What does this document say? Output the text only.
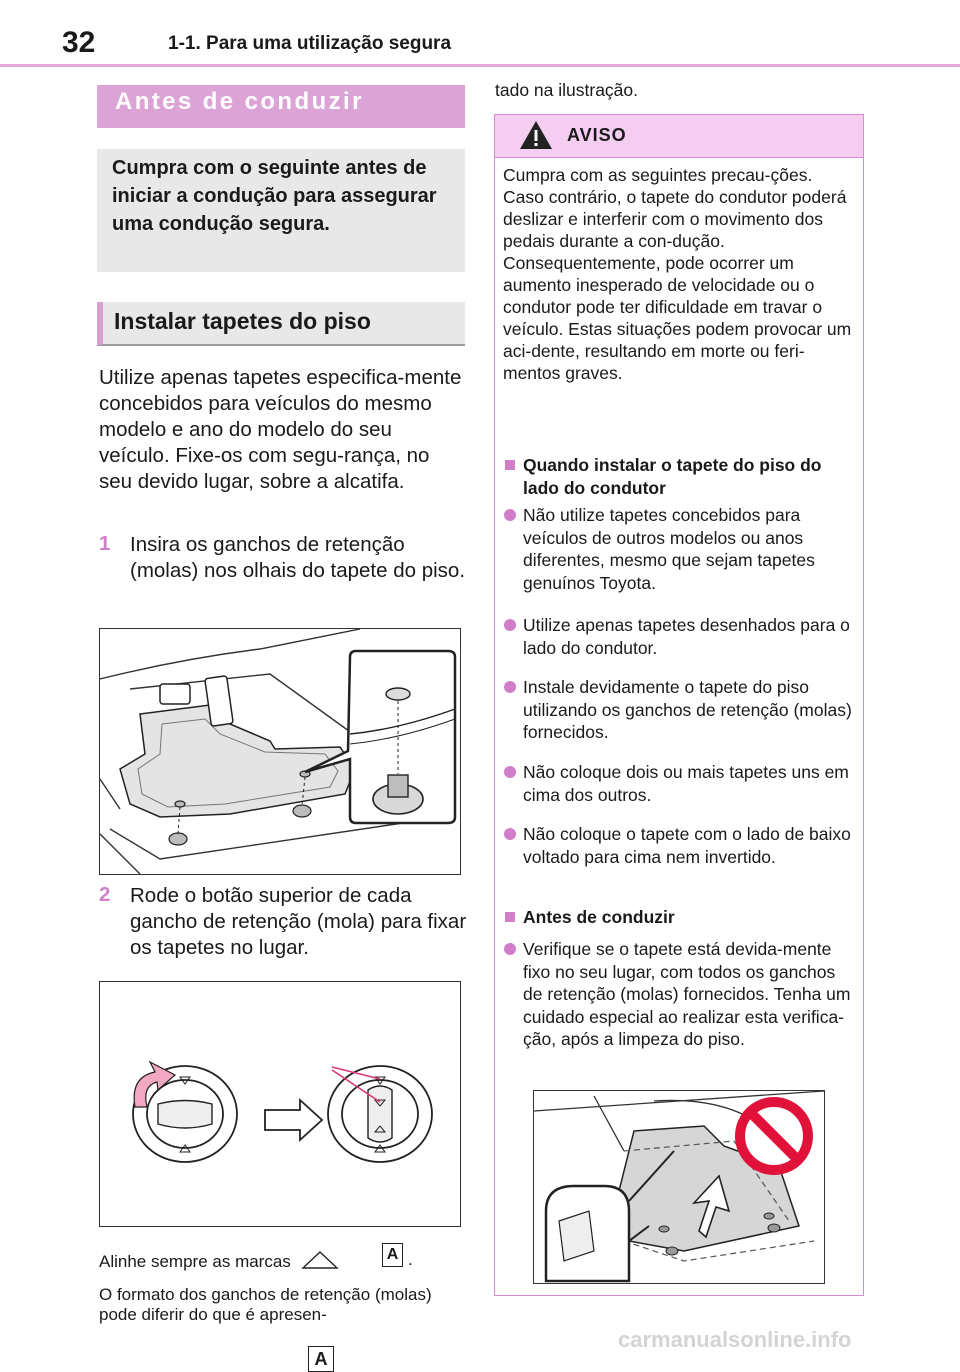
32	1-1. Para uma utilização segura
Antes de conduzir
Cumpra com o seguinte antes de iniciar a condução para assegurar uma condução segura.
Instalar tapetes do piso
Utilize apenas tapetes especifica-mente concebidos para veículos do mesmo modelo e ano do modelo do seu veículo. Fixe-os com segu-rança, no seu devido lugar, sobre a alcatifa.
1 Insira os ganchos de retenção (molas) nos olhais do tapete do piso.
2 Rode o botão superior de cada gancho de retenção (mola) para fixar os tapetes no lugar.
A
Alinhe sempre as marcas	A .
O formato dos ganchos de retenção (molas) pode diferir do que é apresen-
tado na ilustração.
AVISO
Cumpra com as seguintes precau-ções. Caso contrário, o tapete do condutor poderá deslizar e interferir com o movimento dos pedais durante a con-dução. Consequentemente, pode ocorrer um aumento inesperado de velocidade ou o condutor pode ter dificuldade em travar o veículo. Estas situações podem provocar um aci-dente, resultando em morte ou feri-mentos graves.
Quando instalar o tapete do piso do lado do condutor
Não utilize tapetes concebidos para veículos de outros modelos ou anos diferentes, mesmo que sejam tapetes genuínos Toyota.
Utilize apenas tapetes desenhados para o lado do condutor.
Instale devidamente o tapete do piso utilizando os ganchos de retenção (molas) fornecidos.
Não coloque dois ou mais tapetes uns em cima dos outros.
Não coloque o tapete com o lado de baixo voltado para cima nem invertido.
Antes de conduzir
Verifique se o tapete está devida-mente fixo no seu lugar, com todos os ganchos de retenção (molas) fornecidos. Tenha um cuidado especial ao realizar esta verifica-ção, após a limpeza do piso.
carmanualsonline.info
